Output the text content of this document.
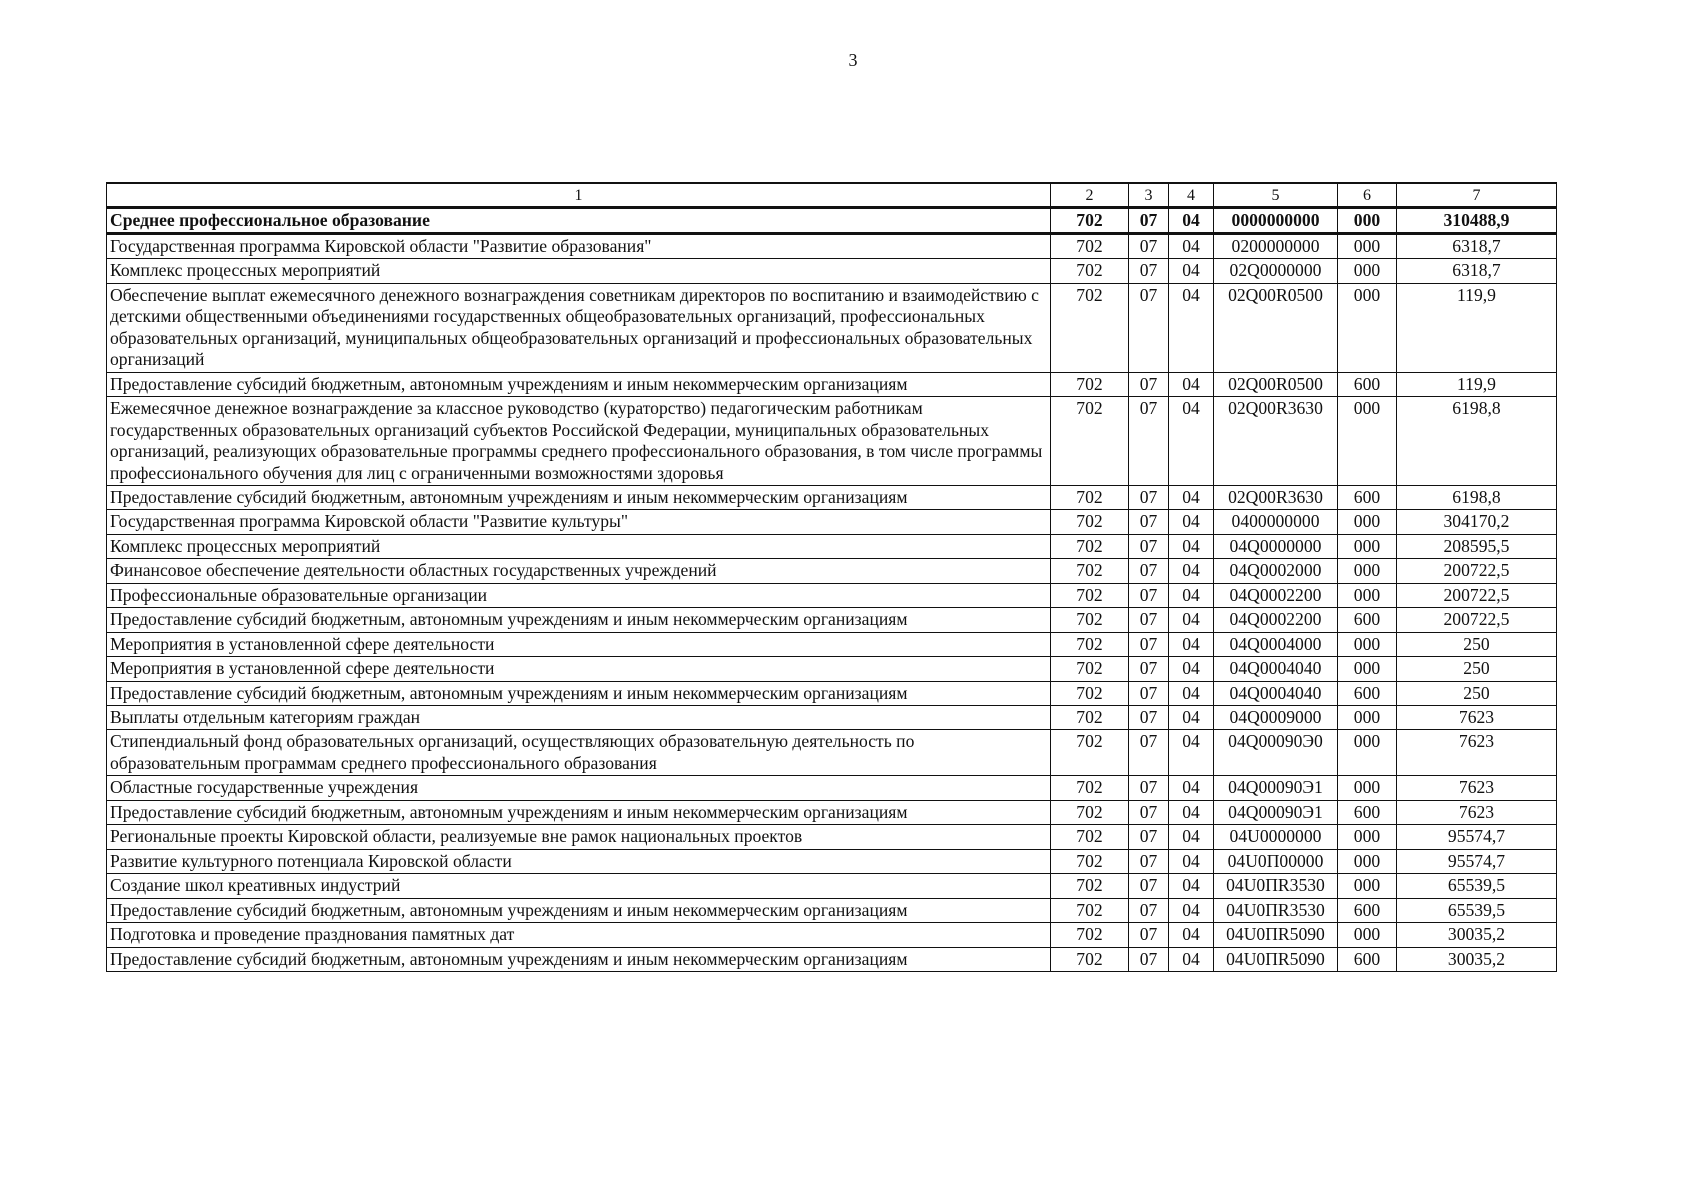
3
1	2	3	4	5	6	7
Среднее профессиональное образование	702	07	04	0000000000	000	310488,9
Государственная программа Кировской области "Развитие образования"	702	07	04	0200000000	000	6318,7
Комплекс процессных мероприятий	702	07	04	02Q0000000	000	6318,7
Обеспечение выплат ежемесячного денежного вознаграждения советникам директоров по воспитанию и взаимодействию с детскими общественными объединениями государственных общеобразовательных организаций, профессиональных образовательных организаций, муниципальных общеобразовательных организаций и профессиональных образовательных организаций	702	07	04	02Q00R0500	000	119,9
Предоставление субсидий бюджетным, автономным учреждениям и иным некоммерческим организациям	702	07	04	02Q00R0500	600	119,9
Ежемесячное денежное вознаграждение за классное руководство (кураторство) педагогическим работникам государственных образовательных организаций субъектов Российской Федерации, муниципальных образовательных организаций, реализующих образовательные программы среднего профессионального образования, в том числе программы профессионального обучения для лиц с ограниченными возможностями здоровья	702	07	04	02Q00R3630	000	6198,8
Предоставление субсидий бюджетным, автономным учреждениям и иным некоммерческим организациям	702	07	04	02Q00R3630	600	6198,8
Государственная программа Кировской области "Развитие культуры"	702	07	04	0400000000	000	304170,2
Комплекс процессных мероприятий	702	07	04	04Q0000000	000	208595,5
Финансовое обеспечение деятельности областных государственных учреждений	702	07	04	04Q0002000	000	200722,5
Профессиональные образовательные организации	702	07	04	04Q0002200	000	200722,5
Предоставление субсидий бюджетным, автономным учреждениям и иным некоммерческим организациям	702	07	04	04Q0002200	600	200722,5
Мероприятия в установленной сфере деятельности	702	07	04	04Q0004000	000	250
Мероприятия в установленной сфере деятельности	702	07	04	04Q0004040	000	250
Предоставление субсидий бюджетным, автономным учреждениям и иным некоммерческим организациям	702	07	04	04Q0004040	600	250
Выплаты отдельным категориям граждан	702	07	04	04Q0009000	000	7623
Стипендиальный фонд образовательных организаций, осуществляющих образовательную деятельность по образовательным программам среднего профессионального образования	702	07	04	04Q00090Э0	000	7623
Областные государственные учреждения	702	07	04	04Q00090Э1	000	7623
Предоставление субсидий бюджетным, автономным учреждениям и иным некоммерческим организациям	702	07	04	04Q00090Э1	600	7623
Региональные проекты Кировской области, реализуемые вне рамок национальных проектов	702	07	04	04U0000000	000	95574,7
Развитие культурного потенциала Кировской области	702	07	04	04U0П00000	000	95574,7
Создание школ креативных индустрий	702	07	04	04U0ПR3530	000	65539,5
Предоставление субсидий бюджетным, автономным учреждениям и иным некоммерческим организациям	702	07	04	04U0ПR3530	600	65539,5
Подготовка и проведение празднования памятных дат	702	07	04	04U0ПR5090	000	30035,2
Предоставление субсидий бюджетным, автономным учреждениям и иным некоммерческим организациям	702	07	04	04U0ПR5090	600	30035,2
